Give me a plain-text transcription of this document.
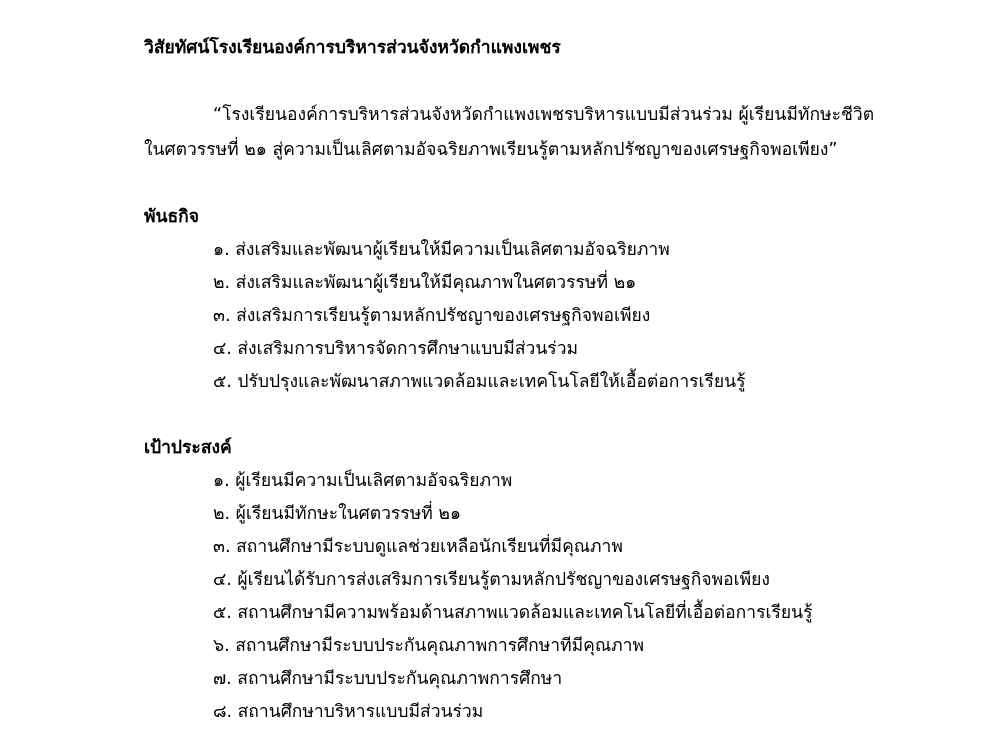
วิสัยทัศน์โรงเรียนองค์การบริหารส่วนจังหวัดกำแพงเพชร
“โรงเรียนองค์การบริหารส่วนจังหวัดกำแพงเพชรบริหารแบบมีส่วนร่วม ผู้เรียนมีทักษะชีวิต
ในศตวรรษที่ ๒๑ สู่ความเป็นเลิศตามอัจฉริยภาพเรียนรู้ตามหลักปรัชญาของเศรษฐกิจพอเพียง”
พันธกิจ
๑. ส่งเสริมและพัฒนาผู้เรียนให้มีความเป็นเลิศตามอัจฉริยภาพ
๒. ส่งเสริมและพัฒนาผู้เรียนให้มีคุณภาพในศตวรรษที่ ๒๑
๓. ส่งเสริมการเรียนรู้ตามหลักปรัชญาของเศรษฐกิจพอเพียง
๔. ส่งเสริมการบริหารจัดการศึกษาแบบมีส่วนร่วม
๕. ปรับปรุงและพัฒนาสภาพแวดล้อมและเทคโนโลยีให้เอื้อต่อการเรียนรู้
เป้าประสงค์
๑. ผู้เรียนมีความเป็นเลิศตามอัจฉริยภาพ
๒. ผู้เรียนมีทักษะในศตวรรษที่ ๒๑
๓. สถานศึกษามีระบบดูแลช่วยเหลือนักเรียนที่มีคุณภาพ
๔. ผู้เรียนได้รับการส่งเสริมการเรียนรู้ตามหลักปรัชญาของเศรษฐกิจพอเพียง
๕. สถานศึกษามีความพร้อมด้านสภาพแวดล้อมและเทคโนโลยีที่เอื้อต่อการเรียนรู้
๖. สถานศึกษามีระบบประกันคุณภาพการศึกษาทีมีคุณภาพ
๗. สถานศึกษามีระบบประกันคุณภาพการศึกษา
๘. สถานศึกษาบริหารแบบมีส่วนร่วม
